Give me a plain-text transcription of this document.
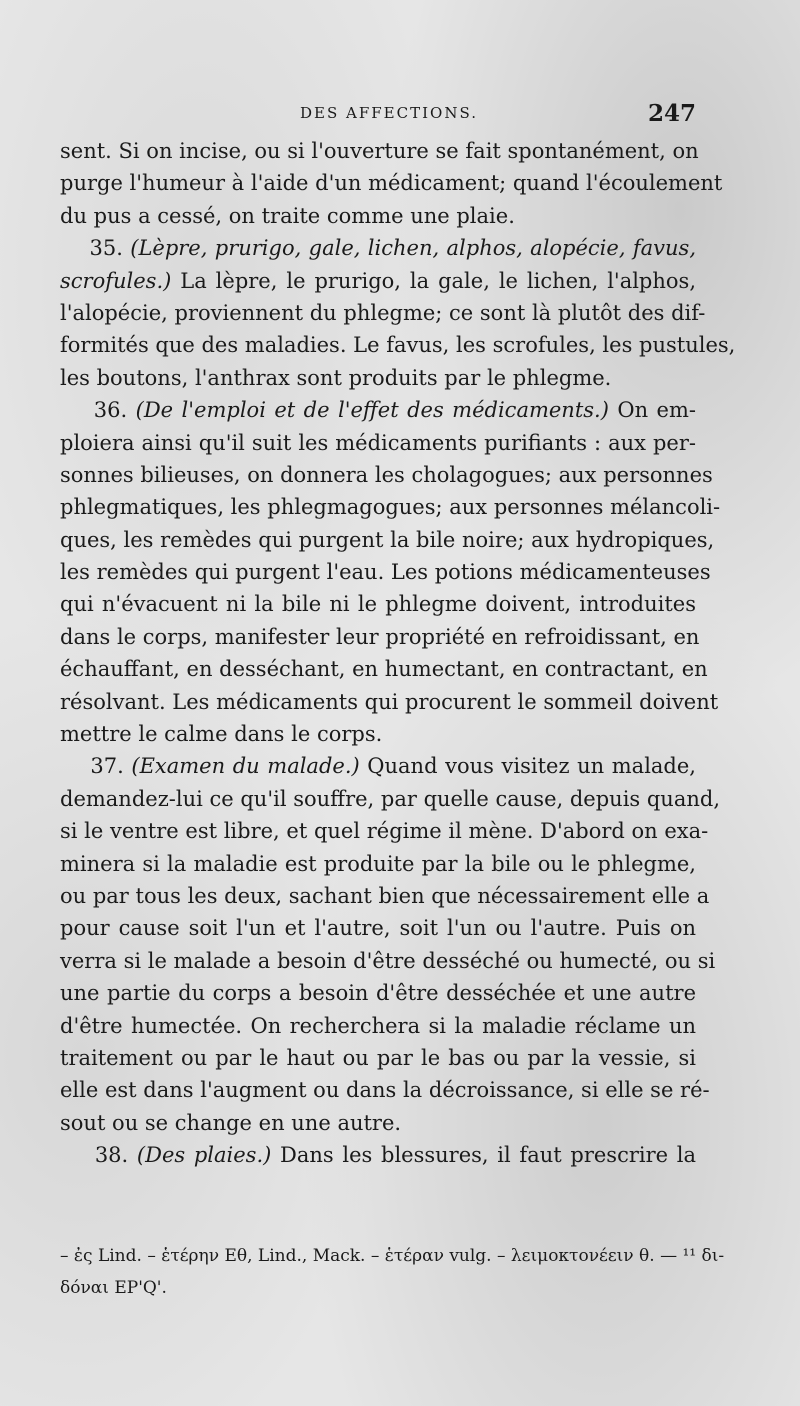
DES AFFECTIONS.	247
sent. Si on incise, ou si l'ouverture se fait spontanément, on
purge l'humeur à l'aide d'un médicament; quand l'écoulement
du pus a cessé, on traite comme une plaie.
35. (Lèpre, prurigo, gale, lichen, alphos, alopécie, favus,
scrofules.) La lèpre, le prurigo, la gale, le lichen, l'alphos,
l'alopécie, proviennent du phlegme; ce sont là plutôt des dif-
formités que des maladies. Le favus, les scrofules, les pustules,
les boutons, l'anthrax sont produits par le phlegme.
36. (De l'emploi et de l'effet des médicaments.) On em-
ploiera ainsi qu'il suit les médicaments purifiants : aux per-
sonnes bilieuses, on donnera les cholagogues; aux personnes
phlegmatiques, les phlegmagogues; aux personnes mélancoli-
ques, les remèdes qui purgent la bile noire; aux hydropiques,
les remèdes qui purgent l'eau. Les potions médicamenteuses
qui n'évacuent ni la bile ni le phlegme doivent, introduites
dans le corps, manifester leur propriété en refroidissant, en
échauffant, en desséchant, en humectant, en contractant, en
résolvant. Les médicaments qui procurent le sommeil doivent
mettre le calme dans le corps.
37. (Examen du malade.) Quand vous visitez un malade,
demandez-lui ce qu'il souffre, par quelle cause, depuis quand,
si le ventre est libre, et quel régime il mène. D'abord on exa-
minera si la maladie est produite par la bile ou le phlegme,
ou par tous les deux, sachant bien que nécessairement elle a
pour cause soit l'un et l'autre, soit l'un ou l'autre. Puis on
verra si le malade a besoin d'être desséché ou humecté, ou si
une partie du corps a besoin d'être desséchée et une autre
d'être humectée. On recherchera si la maladie réclame un
traitement ou par le haut ou par le bas ou par la vessie, si
elle est dans l'augment ou dans la décroissance, si elle se ré-
sout ou se change en une autre.
38. (Des plaies.) Dans les blessures, il faut prescrire la
– ἐς Lind. – ἑτέρην Eθ, Lind., Mack. – ἑτέραν vulg. – λειμοκτονέειν θ. — ¹¹ δι-
δόναι EP'Q'.
